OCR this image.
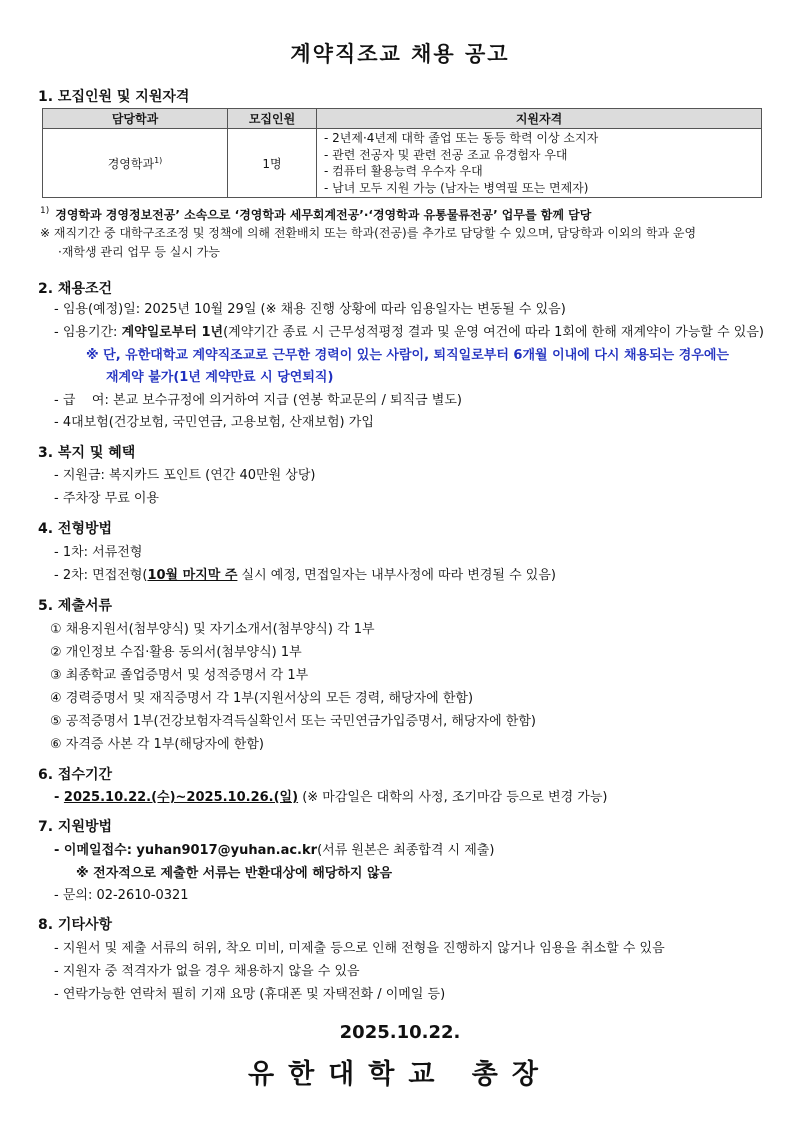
계약직조교 채용 공고
1. 모집인원 및 지원자격
담당학과	모집인원	지원자격
경영학과$^{1)}$	1명	- 2년제·4년제 대학 졸업 또는 동등 학력 이상 소지자
- 관련 전공자 및 관련 전공 조교 유경험자 우대
- 컴퓨터 활용능력 우수자 우대
- 남녀 모두 지원 가능 (남자는 병역필 또는 면제자)
$^{1)}$ 경영학과 경영정보전공’ 소속으로 ‘경영학과 세무회계전공’·‘경영학과 유통물류전공’ 업무를 함께 담당
※ 재직기간 중 대학구조조정 및 정책에 의해 전환배치 또는 학과(전공)를 추가로 담당할 수 있으며, 담당학과 이외의 학과 운영
·재학생 관리 업무 등 실시 가능
2. 채용조건
- 임용(예정)일: 2025년 10월 29일 (※ 채용 진행 상황에 따라 임용일자는 변동될 수 있음)
- 임용기간: 계약일로부터 1년(계약기간 종료 시 근무성적평정 결과 및 운영 여건에 따라 1회에 한해 재계약이 가능할 수 있음)
※ 단, 유한대학교 계약직조교로 근무한 경력이 있는 사람이, 퇴직일로부터 6개월 이내에 다시 채용되는 경우에는
재계약 불가(1년 계약만료 시 당연퇴직)
- 급    여: 본교 보수규정에 의거하여 지급 (연봉 학교문의 / 퇴직금 별도)
- 4대보험(건강보험, 국민연금, 고용보험, 산재보험) 가입
3. 복지 및 혜택
- 지원금: 복지카드 포인트 (연간 40만원 상당)
- 주차장 무료 이용
4. 전형방법
- 1차: 서류전형
- 2차: 면접전형(10월 마지막 주 실시 예정, 면접일자는 내부사정에 따라 변경될 수 있음)
5. 제출서류
① 채용지원서(첨부양식) 및 자기소개서(첨부양식) 각 1부
② 개인정보 수집·활용 동의서(첨부양식) 1부
③ 최종학교 졸업증명서 및 성적증명서 각 1부
④ 경력증명서 및 재직증명서 각 1부(지원서상의 모든 경력, 해당자에 한함)
⑤ 공적증명서 1부(건강보험자격득실확인서 또는 국민연금가입증명서, 해당자에 한함)
⑥ 자격증 사본 각 1부(해당자에 한함)
6. 접수기간
- 2025.10.22.(수)~2025.10.26.(일) (※ 마감일은 대학의 사정, 조기마감 등으로 변경 가능)
7. 지원방법
- 이메일접수: yuhan9017@yuhan.ac.kr(서류 원본은 최종합격 시 제출)
※ 전자적으로 제출한 서류는 반환대상에 해당하지 않음
- 문의: 02-2610-0321
8. 기타사항
- 지원서 및 제출 서류의 허위, 착오 미비, 미제출 등으로 인해 전형을 진행하지 않거나 임용을 취소할 수 있음
- 지원자 중 적격자가 없을 경우 채용하지 않을 수 있음
- 연락가능한 연락처 필히 기재 요망 (휴대폰 및 자택전화 / 이메일 등)
2025.10.22.
유한대학교 총장
